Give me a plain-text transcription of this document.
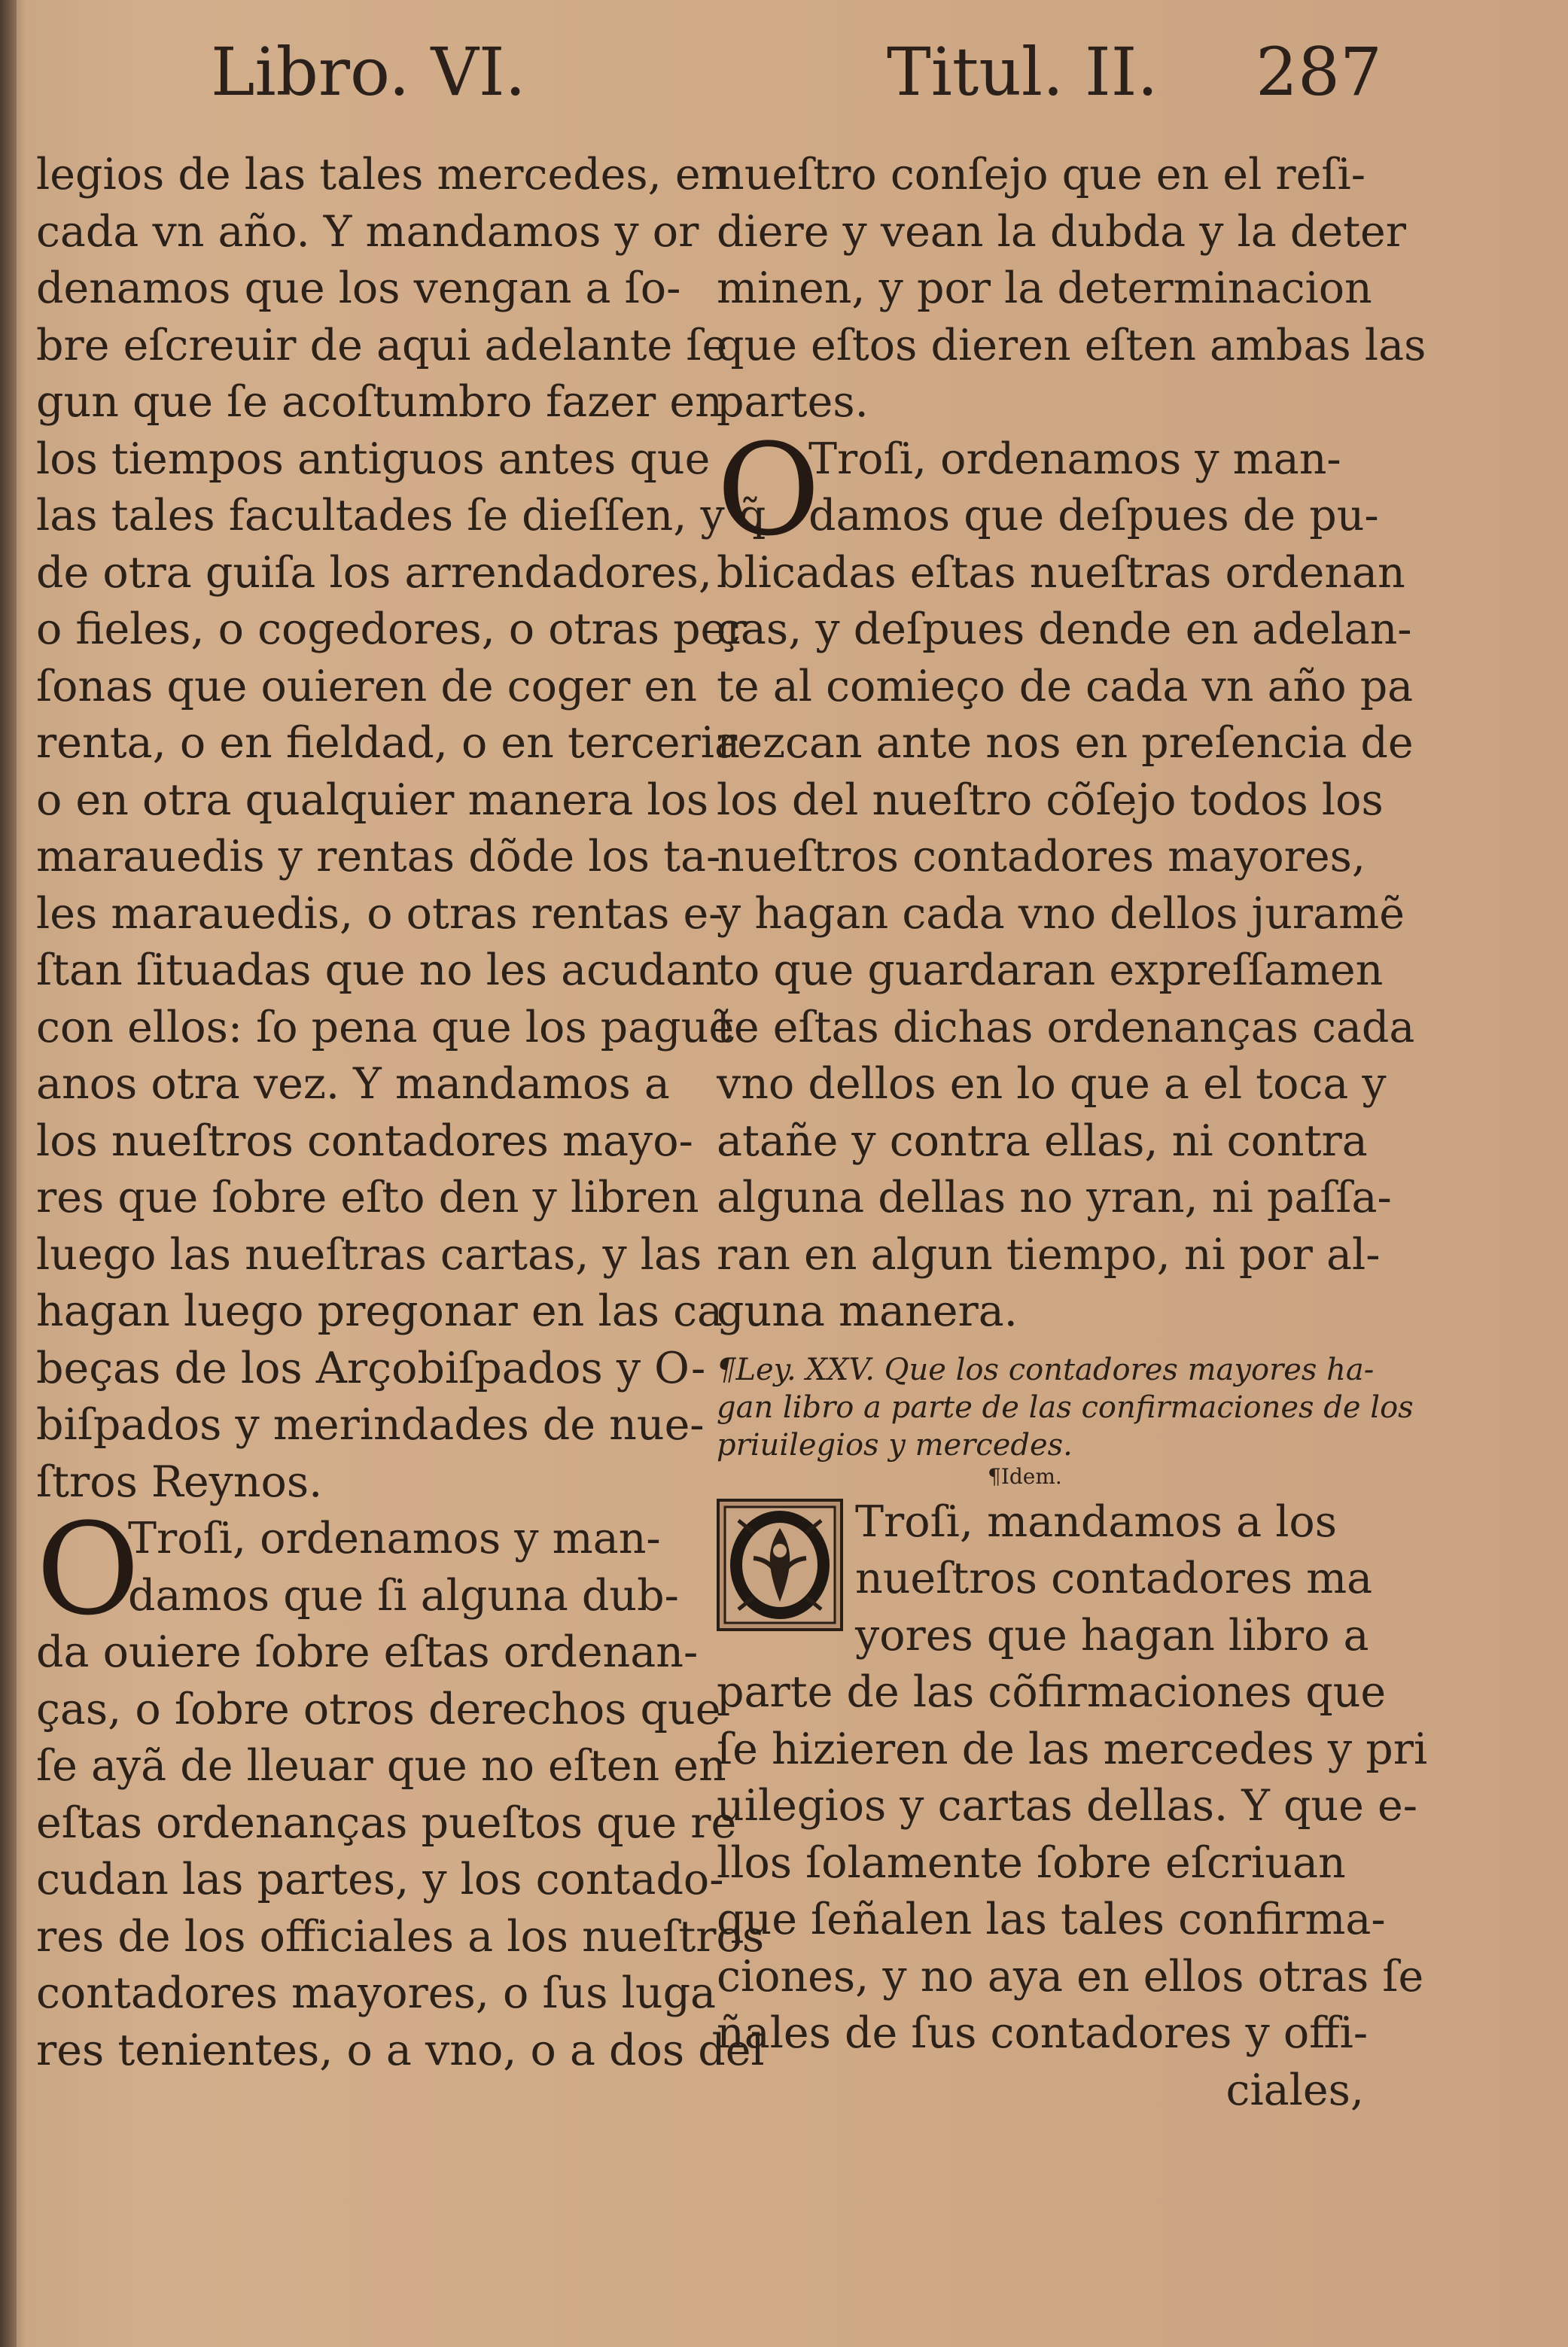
Libro. VI.	Titul. II. 287
legios de las tales mercedes, en
cada vn año. Y mandamos y or
denamos que los vengan a ſo-
bre eſcreuir de aqui adelante ſe
gun que ſe acoſtumbro fazer en
los tiempos antiguos antes que
las tales facultades ſe dieſſen, y q̃
de otra guiſa los arrendadores,
o fieles, o cogedores, o otras per
ſonas que ouieren de coger en
renta, o en fieldad, o en terceria
o en otra qualquier manera los
marauedis y rentas dõde los ta-
les marauedis, o otras rentas e-
ſtan ſituadas que no les acudan
con ellos: ſo pena que los paguẽ
anos otra vez. Y mandamos a
los nueſtros contadores mayo-
res que ſobre eſto den y libren
luego las nueſtras cartas, y las
hagan luego pregonar en las ca
beças de los Arçobiſpados y O-
biſpados y merindades de nue-
ſtros Reynos.
O
Troſi, ordenamos y man-
damos que ſi alguna dub-
da ouiere ſobre eſtas ordenan-
ças, o ſobre otros derechos que
ſe ayã de lleuar que no eſten en
eſtas ordenanças pueſtos que re
cudan las partes, y los contado-
res de los officiales a los nueſtros
contadores mayores, o ſus luga
res tenientes, o a vno, o a dos del
nueſtro conſejo que en el reſi-
diere y vean la dubda y la deter
minen, y por la determinacion
que eſtos dieren eſten ambas las
partes.
O
Troſi, ordenamos y man-
damos que deſpues de pu-
blicadas eſtas nueſtras ordenan
ças, y deſpues dende en adelan-
te al comieço de cada vn año pa
rezcan ante nos en preſencia de
los del nueſtro cõſejo todos los
nueſtros contadores mayores,
y hagan cada vno dellos juramẽ
to que guardaran expreſſamen
te eſtas dichas ordenanças cada
vno dellos en lo que a el toca y
atañe y contra ellas, ni contra
alguna dellas no yran, ni paſſa-
ran en algun tiempo, ni por al-
guna manera.
¶Ley. XXV. Que los contadores mayores ha-
gan libro a parte de las confirmaciones de los
priuilegios y mercedes.
¶Idem.
Troſi, mandamos a los
nueſtros contadores ma
yores que hagan libro a
parte de las cõfirmaciones que
ſe hizieren de las mercedes y pri
uilegios y cartas dellas. Y que e-
llos ſolamente ſobre eſcriuan
que ſeñalen las tales confirma-
ciones, y no aya en ellos otras ſe
ñales de ſus contadores y offi-
ciales,
